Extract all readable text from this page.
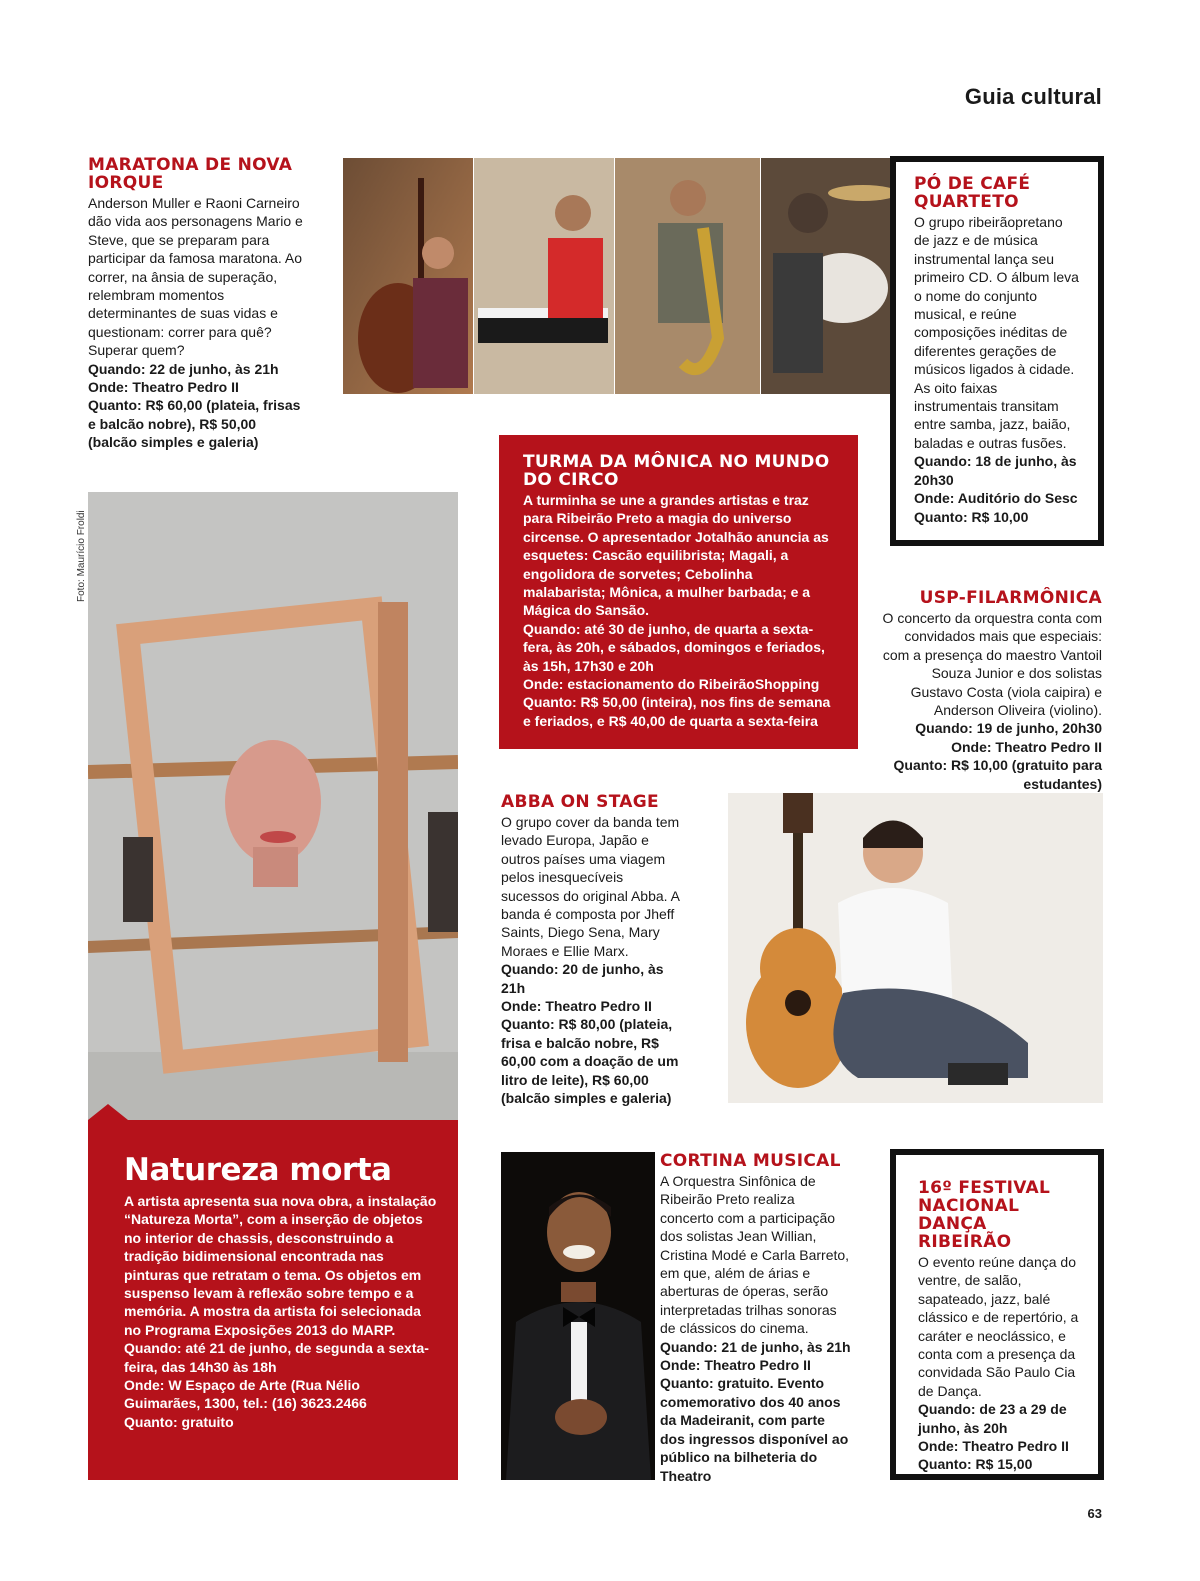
Guia cultural
MARATONA DE NOVA IORQUE

Anderson Muller e Raoni Carneiro dão vida aos personagens Mario e Steve, que se preparam para participar da famosa maratona. Ao correr, na ânsia de superação, relembram momentos determinantes de suas vidas e questionam: correr para quê? Superar quem?
Quando: 22 de junho, às 21h
Onde: Theatro Pedro II
Quanto: R$ 60,00 (plateia, frisas e balcão nobre), R$ 50,00 (balcão simples e galeria)

PÓ DE CAFÉ QUARTETO

O grupo ribeirãopretano de jazz e de música instrumental lança seu primeiro CD. O álbum leva o nome do conjunto musical, e reúne composições inéditas de diferentes gerações de músicos ligados à cidade. As oito faixas instrumentais transitam entre samba, jazz, baião, baladas e outras fusões.
Quando: 18 de junho, às 20h30
Onde: Auditório do Sesc
Quanto: R$ 10,00

TURMA DA MÔNICA NO MUNDO DO CIRCO

A turminha se une a grandes artistas e traz para Ribeirão Preto a magia do universo circense. O apresentador Jotalhão anuncia as esquetes: Cascão equilibrista; Magali, a engolidora de sorvetes; Cebolinha malabarista; Mônica, a mulher barbada; e a Mágica do Sansão.
Quando: até 30 de junho, de quarta a sexta-fera, às 20h, e sábados, domingos e feriados, às 15h, 17h30 e 20h
Onde: estacionamento do RibeirãoShopping
Quanto: R$ 50,00 (inteira), nos fins de semana e feriados, e R$ 40,00 de quarta a sexta-feira

USP-FILARMÔNICA

O concerto da orquestra conta com convidados mais que especiais: com a presença do maestro Vantoil Souza Junior e dos solistas Gustavo Costa (viola caipira) e Anderson Oliveira (violino).
Quando: 19 de junho, 20h30
Onde: Theatro Pedro II
Quanto: R$ 10,00 (gratuito para estudantes)

Foto: Maurício Froldi
Natureza morta

A artista apresenta sua nova obra, a instalação “Natureza Morta”, com a inserção de objetos no interior de chassis, desconstruindo a tradição bidimensional encontrada nas pinturas que retratam o tema. Os objetos em suspenso levam à reflexão sobre tempo e a memória. A mostra da artista foi selecionada no Programa Exposições 2013 do MARP.
Quando: até 21 de junho, de segunda a sexta-feira, das 14h30 às 18h
Onde: W Espaço de Arte (Rua Nélio Guimarães, 1300, tel.: (16) 3623.2466
Quanto: gratuito

ABBA ON STAGE

O grupo cover da banda tem levado Europa, Japão e outros países uma viagem pelos inesquecíveis sucessos do original Abba. A banda é composta por Jheff Saints, Diego Sena, Mary Moraes e Ellie Marx.
Quando: 20 de junho, às 21h
Onde: Theatro Pedro II
Quanto: R$ 80,00 (plateia, frisa e balcão nobre, R$ 60,00 com a doação de um litro de leite), R$ 60,00 (balcão simples e galeria)

CORTINA MUSICAL

A Orquestra Sinfônica de Ribeirão Preto realiza concerto com a participação dos solistas Jean Willian, Cristina Modé e Carla Barreto, em que, além de árias e aberturas de óperas, serão interpretadas trilhas sonoras de clássicos do cinema.
Quando: 21 de junho, às 21h
Onde: Theatro Pedro II
Quanto: gratuito. Evento comemorativo dos 40 anos da Madeiranit, com parte dos ingressos disponível ao público na bilheteria do Theatro

16º FESTIVAL NACIONAL DANÇA RIBEIRÃO

O evento reúne dança do ventre, de salão, sapateado, jazz, balé clássico e de repertório, a caráter e neoclássico, e conta com a presença da convidada São Paulo Cia de Dança.
Quando: de 23 a 29 de junho, às 20h
Onde: Theatro Pedro II
Quanto: R$ 15,00

63
